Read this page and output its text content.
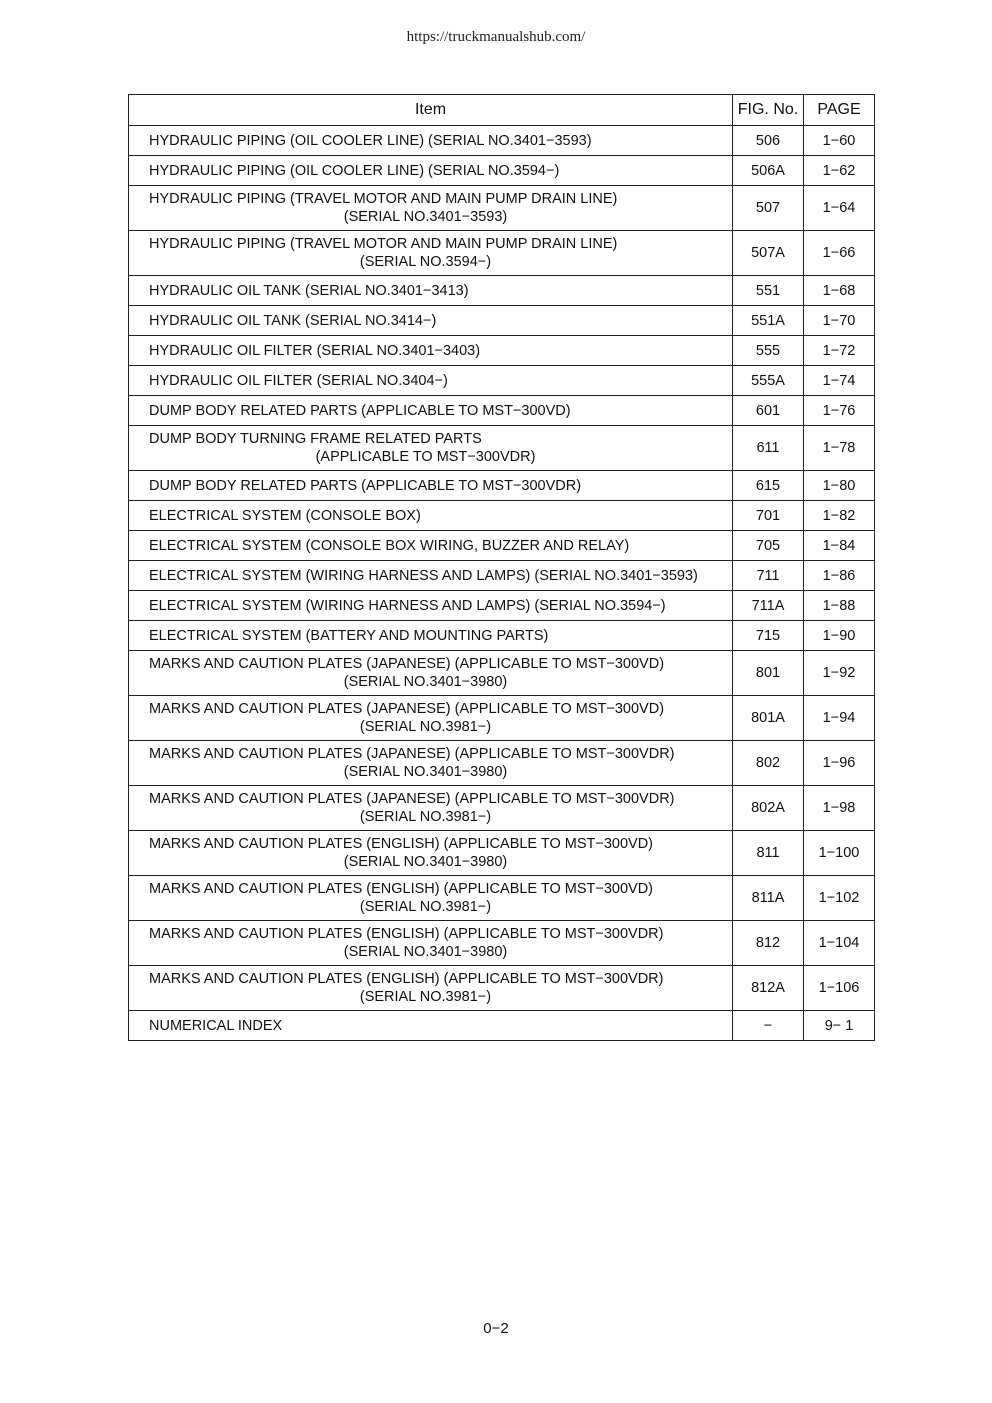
https://truckmanualshub.com/
Item	FIG. No.	PAGE

HYDRAULIC PIPING (OIL COOLER LINE) (SERIAL NO.3401−3593)	506	1−60

HYDRAULIC PIPING (OIL COOLER LINE) (SERIAL NO.3594−)	506A	1−62

HYDRAULIC PIPING (TRAVEL MOTOR AND MAIN PUMP DRAIN LINE)
(SERIAL NO.3401−3593)	507	1−64

HYDRAULIC PIPING (TRAVEL MOTOR AND MAIN PUMP DRAIN LINE)
(SERIAL NO.3594−)	507A	1−66

HYDRAULIC OIL TANK (SERIAL NO.3401−3413)	551	1−68

HYDRAULIC OIL TANK (SERIAL NO.3414−)	551A	1−70

HYDRAULIC OIL FILTER (SERIAL NO.3401−3403)	555	1−72

HYDRAULIC OIL FILTER (SERIAL NO.3404−)	555A	1−74

DUMP BODY RELATED PARTS (APPLICABLE TO MST−300VD)	601	1−76

DUMP BODY TURNING FRAME RELATED PARTS
(APPLICABLE TO MST−300VDR)	611	1−78

DUMP BODY RELATED PARTS (APPLICABLE TO MST−300VDR)	615	1−80

ELECTRICAL SYSTEM (CONSOLE BOX)	701	1−82

ELECTRICAL SYSTEM (CONSOLE BOX WIRING, BUZZER AND RELAY)	705	1−84

ELECTRICAL SYSTEM (WIRING HARNESS AND LAMPS) (SERIAL NO.3401−3593)	711	1−86

ELECTRICAL SYSTEM (WIRING HARNESS AND LAMPS) (SERIAL NO.3594−)	711A	1−88

ELECTRICAL SYSTEM (BATTERY AND MOUNTING PARTS)	715	1−90

MARKS AND CAUTION PLATES (JAPANESE) (APPLICABLE TO MST−300VD)
(SERIAL NO.3401−3980)	801	1−92

MARKS AND CAUTION PLATES (JAPANESE) (APPLICABLE TO MST−300VD)
(SERIAL NO.3981−)	801A	1−94

MARKS AND CAUTION PLATES (JAPANESE) (APPLICABLE TO MST−300VDR)
(SERIAL NO.3401−3980)	802	1−96

MARKS AND CAUTION PLATES (JAPANESE) (APPLICABLE TO MST−300VDR)
(SERIAL NO.3981−)	802A	1−98

MARKS AND CAUTION PLATES (ENGLISH) (APPLICABLE TO MST−300VD)
(SERIAL NO.3401−3980)	811	1−100

MARKS AND CAUTION PLATES (ENGLISH) (APPLICABLE TO MST−300VD)
(SERIAL NO.3981−)	811A	1−102

MARKS AND CAUTION PLATES (ENGLISH) (APPLICABLE TO MST−300VDR)
(SERIAL NO.3401−3980)	812	1−104

MARKS AND CAUTION PLATES (ENGLISH) (APPLICABLE TO MST−300VDR)
(SERIAL NO.3981−)	812A	1−106

NUMERICAL INDEX	−	9− 1
0−2
